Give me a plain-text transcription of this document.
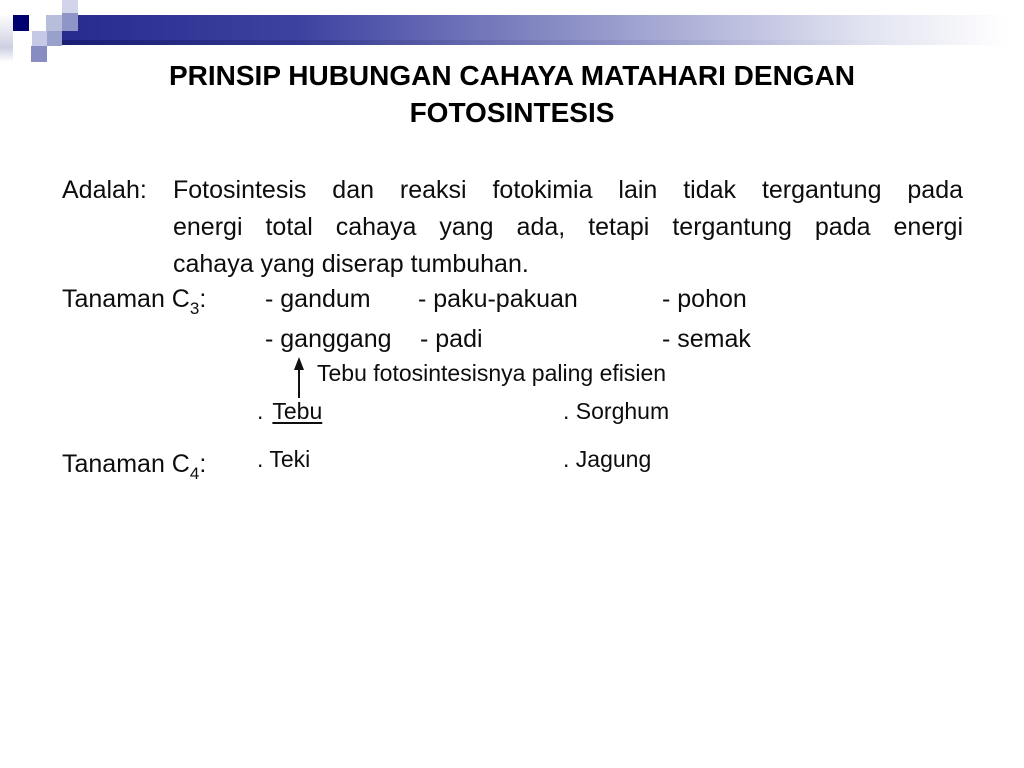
PRINSIP HUBUNGAN CAHAYA MATAHARI DENGAN
FOTOSINTESIS
Adalah: Fotosintesis dan reaksi fotokimia lain tidak tergantung pada
energi total cahaya yang ada, tetapi tergantung pada energi
cahaya yang diserap tumbuhan.
Tanaman $C_3$: - gandum - paku-pakuan	- pohon
- ganggang - padi	- semak
Tebu fotosintesisnya paling efisien
. Tebu	. Sorghum
Tanaman $C_4$: . Teki	. Jagung
